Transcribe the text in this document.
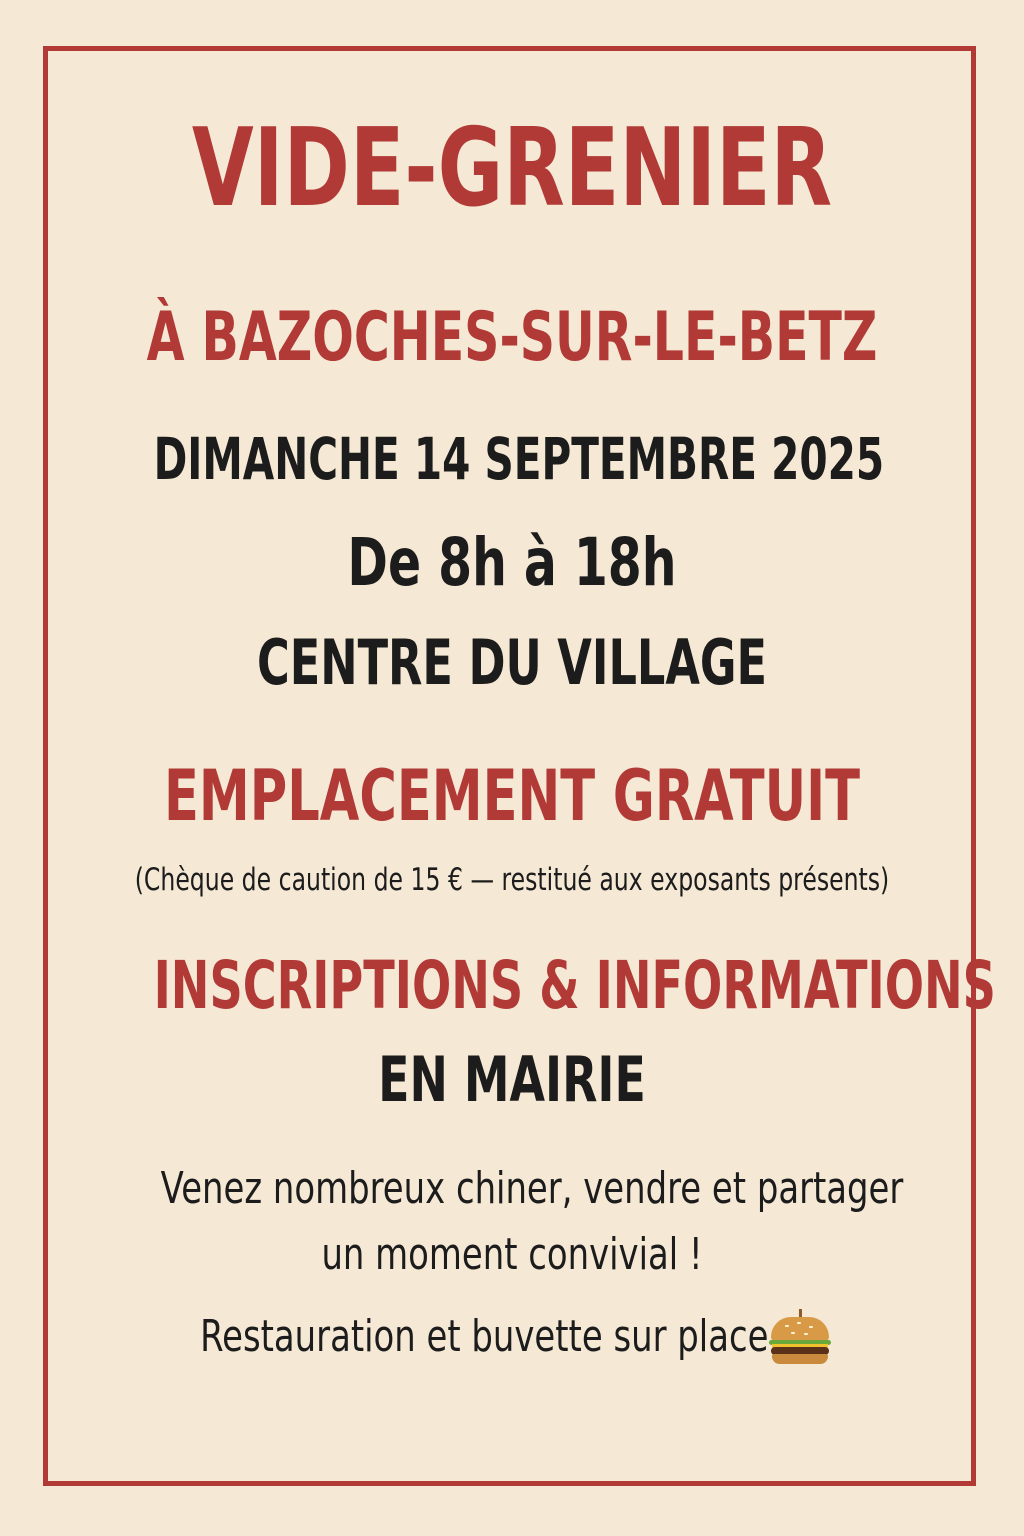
VIDE-GRENIER
À BAZOCHES-SUR-LE-BETZ
DIMANCHE 14 SEPTEMBRE 2025
De 8h à 18h
CENTRE DU VILLAGE
EMPLACEMENT GRATUIT
(Chèque de caution de 15 € — restitué aux exposants présents)
INSCRIPTIONS & INFORMATIONS
EN MAIRIE
Venez nombreux chiner, vendre et partager
un moment convivial !
Restauration et buvette sur place
